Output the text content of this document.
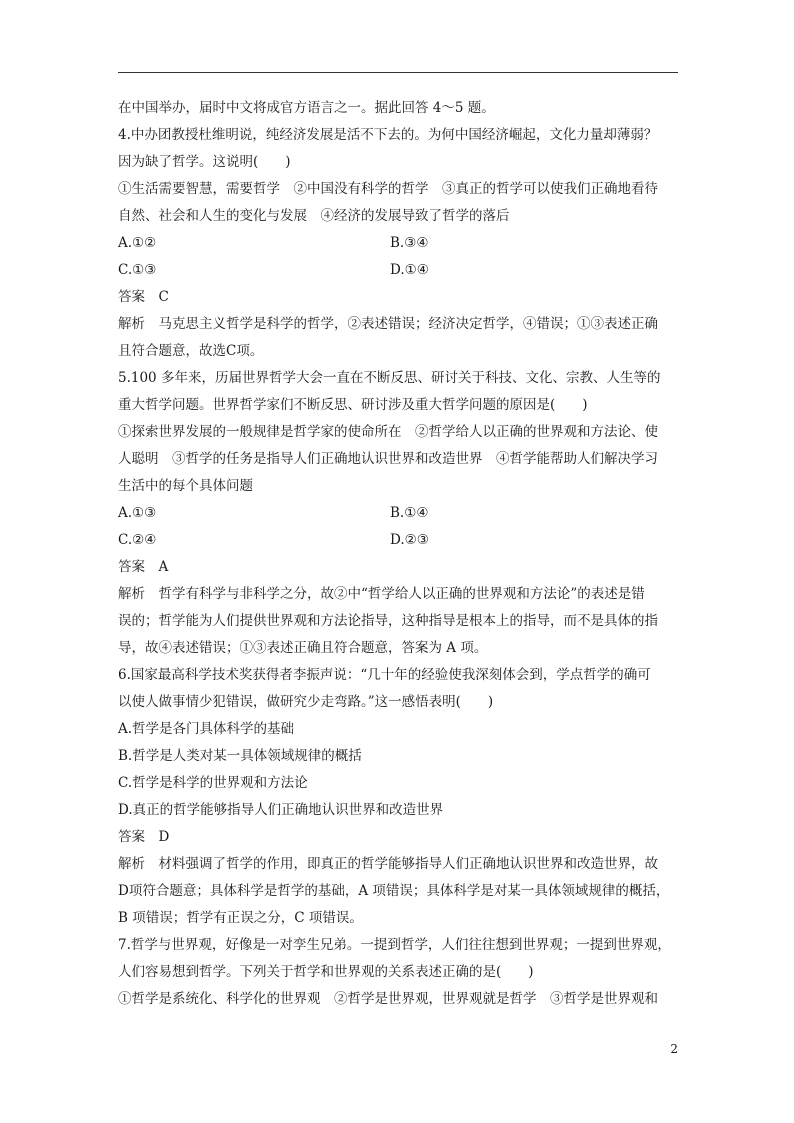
在中国举办，届时中文将成官方语言之一。据此回答 4～5 题。

4.中办团教授杜维明说，纯经济发展是活不下去的。为何中国经济崛起，文化力量却薄弱？

因为缺了哲学。这说明(　　)

①生活需要智慧，需要哲学　②中国没有科学的哲学　③真正的哲学可以使我们正确地看待

自然、社会和人生的变化与发展　④经济的发展导致了哲学的落后

A.①②	B.③④
C.①③	D.①④

答案　C

解析　马克思主义哲学是科学的哲学，②表述错误；经济决定哲学，④错误；①③表述正确

且符合题意，故选C项。

5.100 多年来，历届世界哲学大会一直在不断反思、研讨关于科技、文化、宗教、人生等的

重大哲学问题。世界哲学家们不断反思、研讨涉及重大哲学问题的原因是(　　)

①探索世界发展的一般规律是哲学家的使命所在　②哲学给人以正确的世界观和方法论、使

人聪明　③哲学的任务是指导人们正确地认识世界和改造世界　④哲学能帮助人们解决学习

生活中的每个具体问题

A.①③	B.①④
C.②④	D.②③

答案　A

解析　哲学有科学与非科学之分，故②中“哲学给人以正确的世界观和方法论”的表述是错

误的；哲学能为人们提供世界观和方法论指导，这种指导是根本上的指导，而不是具体的指

导，故④表述错误；①③表述正确且符合题意，答案为 A 项。

6.国家最高科学技术奖获得者李振声说：“几十年的经验使我深刻体会到，学点哲学的确可

以使人做事情少犯错误，做研究少走弯路。”这一感悟表明(　　)

A.哲学是各门具体科学的基础

B.哲学是人类对某一具体领域规律的概括

C.哲学是科学的世界观和方法论

D.真正的哲学能够指导人们正确地认识世界和改造世界

答案　D

解析　材料强调了哲学的作用，即真正的哲学能够指导人们正确地认识世界和改造世界，故

D项符合题意；具体科学是哲学的基础，A 项错误；具体科学是对某一具体领域规律的概括，

B 项错误；哲学有正误之分，C 项错误。

7.哲学与世界观，好像是一对孪生兄弟。一提到哲学，人们往往想到世界观；一提到世界观，

人们容易想到哲学。下列关于哲学和世界观的关系表述正确的是(　　)

①哲学是系统化、科学化的世界观　②哲学是世界观，世界观就是哲学　③哲学是世界观和

2
